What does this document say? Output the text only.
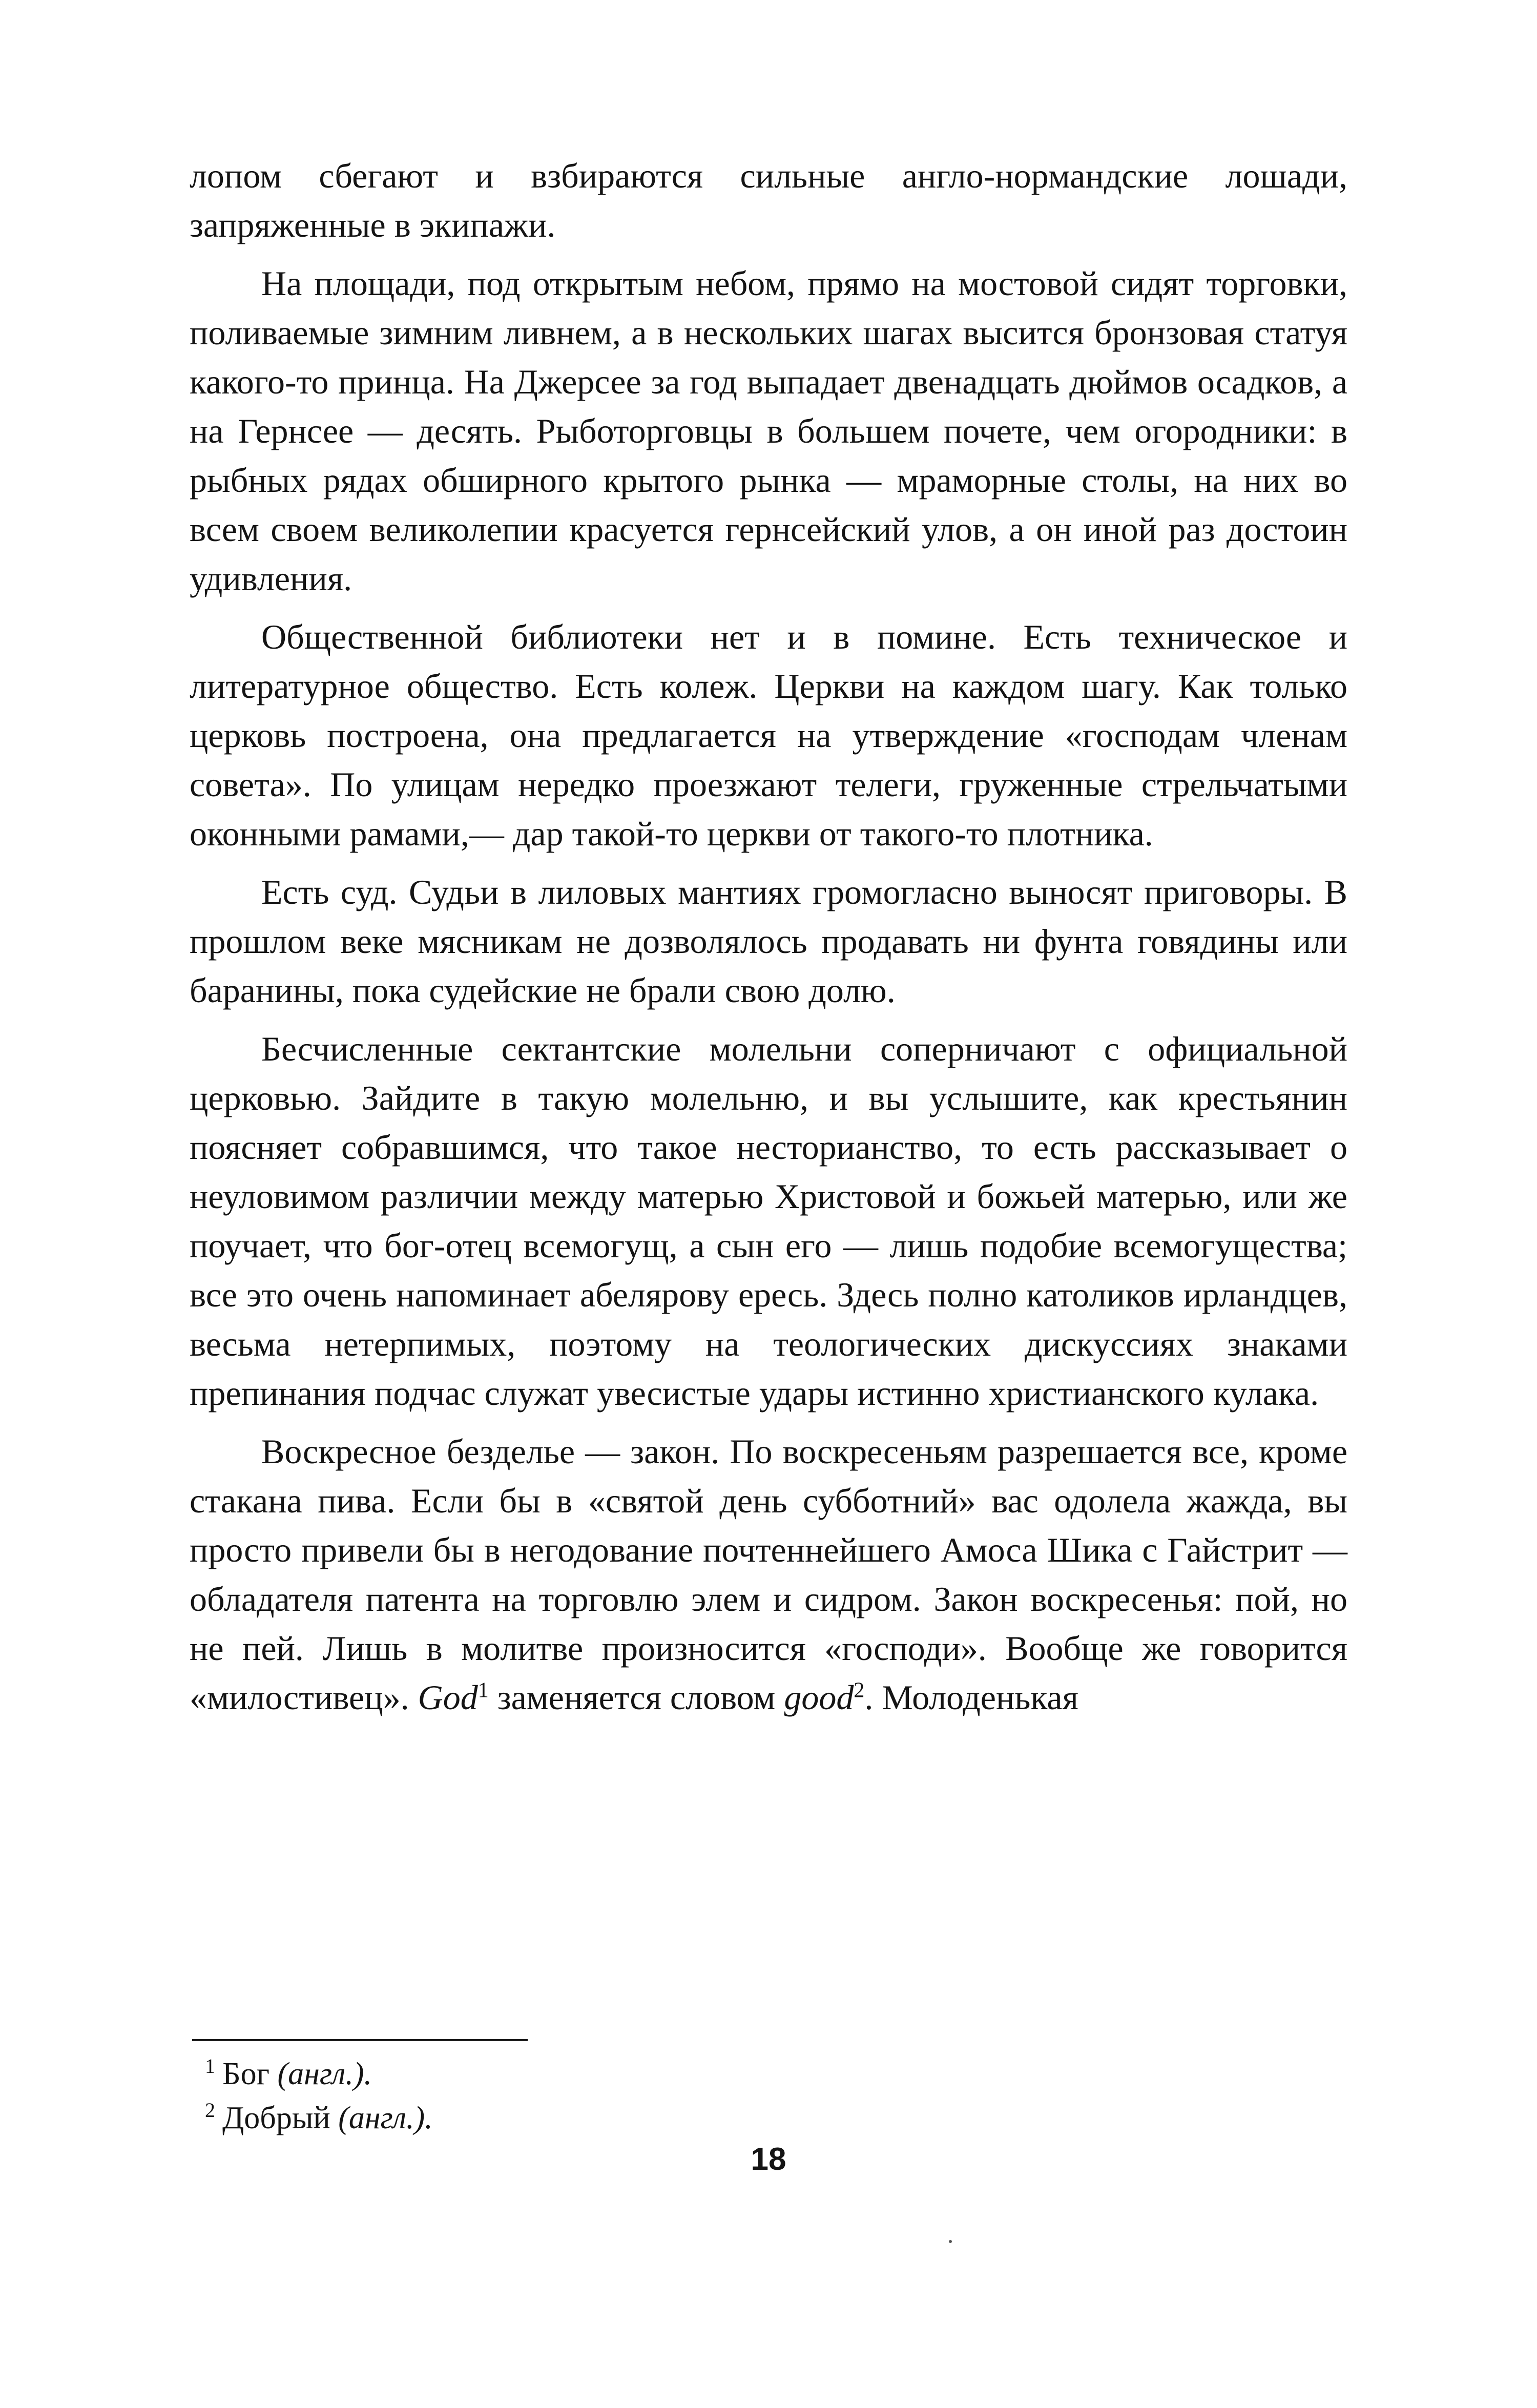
лопом сбегают и взбираются сильные англо-нормандские лошади, запряженные в экипажи.

На площади, под открытым небом, прямо на мостовой сидят торговки, поливаемые зимним ливнем, а в нескольких шагах высится бронзовая статуя какого-то принца. На Джерсее за год выпадает двенадцать дюймов осадков, а на Гернсее — десять. Рыботорговцы в большем почете, чем огородники: в рыбных рядах обширного крытого рынка — мраморные столы, на них во всем своем великолепии красуется гернсейский улов, а он иной раз достоин удивления.

Общественной библиотеки нет и в помине. Есть техническое и литературное общество. Есть колеж. Церкви на каждом шагу. Как только церковь построена, она предлагается на утверждение «господам членам совета». По улицам нередко проезжают телеги, груженные стрельчатыми оконными рамами,— дар такой-то церкви от такого-то плотника.

Есть суд. Судьи в лиловых мантиях громогласно выносят приговоры. В прошлом веке мясникам не дозволялось продавать ни фунта говядины или баранины, пока судейские не брали свою долю.

Бесчисленные сектантские молельни соперничают с официальной церковью. Зайдите в такую молельню, и вы услышите, как крестьянин поясняет собравшимся, что такое несторианство, то есть рассказывает о неуловимом различии между матерью Христовой и божьей матерью, или же поучает, что бог-отец всемогущ, а сын его — лишь подобие всемогущества; все это очень напоминает абелярову ересь. Здесь полно католиков ирландцев, весьма нетерпимых, поэтому на теологических дискуссиях знаками препинания подчас служат увесистые удары истинно христианского кулака.

Воскресное безделье — закон. По воскресеньям разрешается все, кроме стакана пива. Если бы в «святой день субботний» вас одолела жажда, вы просто привели бы в негодование почтеннейшего Амоса Шика с Гайстрит — обладателя патента на торговлю элем и сидром. Закон воскресенья: пой, но не пей. Лишь в молитве произносится «господи». Вообще же говорится «милостивец». God$^1$ заменяется словом good$^2$. Молоденькая

$^1$ Бог (англ.).
$^2$ Добрый (англ.).
18
